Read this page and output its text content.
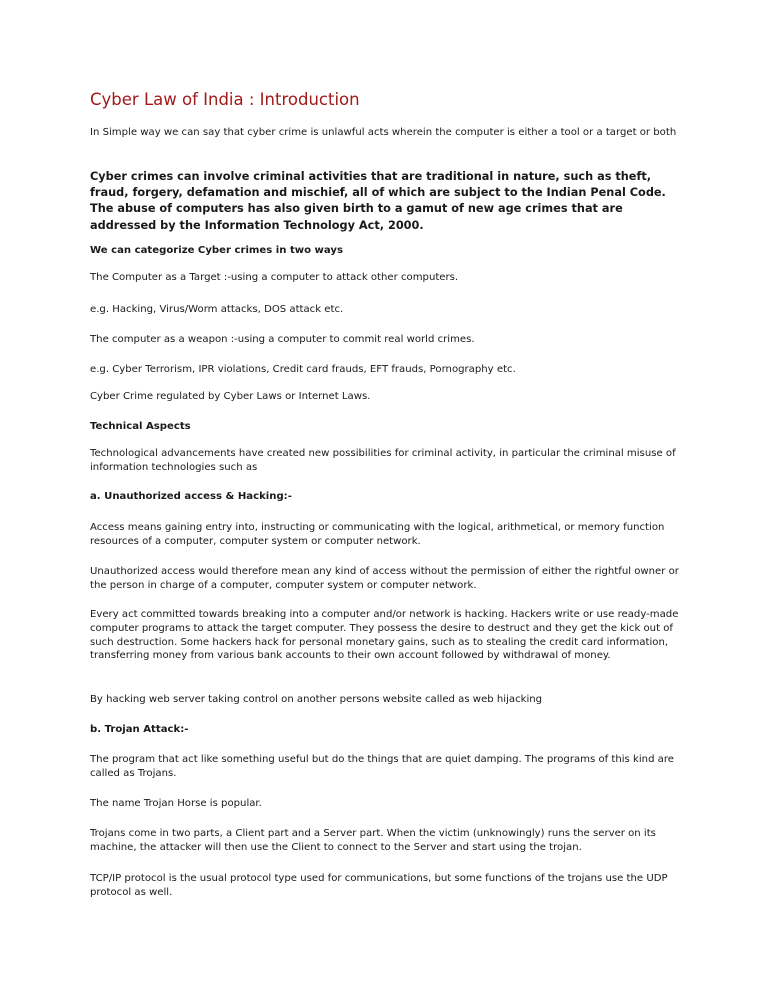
Cyber Law of India : Introduction

In Simple way we can say that cyber crime is unlawful acts wherein the computer is either a tool or a target or both

Cyber crimes can involve criminal activities that are traditional in nature, such as theft, fraud, forgery, defamation and mischief, all of which are subject to the Indian Penal Code. The abuse of computers has also given birth to a gamut of new age crimes that are addressed by the Information Technology Act, 2000.

We can categorize Cyber crimes in two ways

The Computer as a Target :-using a computer to attack other computers.

e.g. Hacking, Virus/Worm attacks, DOS attack etc.

The computer as a weapon :-using a computer to commit real world crimes.

e.g. Cyber Terrorism, IPR violations, Credit card frauds, EFT frauds, Pornography etc.

Cyber Crime regulated by Cyber Laws or Internet Laws.

Technical Aspects

Technological advancements have created new possibilities for criminal activity, in particular the criminal misuse of information technologies such as

a. Unauthorized access & Hacking:-

Access means gaining entry into, instructing or communicating with the logical, arithmetical, or memory function resources of a computer, computer system or computer network.

Unauthorized access would therefore mean any kind of access without the permission of either the rightful owner or the person in charge of a computer, computer system or computer network.

Every act committed towards breaking into a computer and/or network is hacking. Hackers write or use ready-made computer programs to attack the target computer. They possess the desire to destruct and they get the kick out of such destruction. Some hackers hack for personal monetary gains, such as to stealing the credit card information, transferring money from various bank accounts to their own account followed by withdrawal of money.

By hacking web server taking control on another persons website called as web hijacking

b. Trojan Attack:-

The program that act like something useful but do the things that are quiet damping. The programs of this kind are called as Trojans.

The name Trojan Horse is popular.

Trojans come in two parts, a Client part and a Server part. When the victim (unknowingly) runs the server on its machine, the attacker will then use the Client to connect to the Server and start using the trojan.

TCP/IP protocol is the usual protocol type used for communications, but some functions of the trojans use the UDP protocol as well.
